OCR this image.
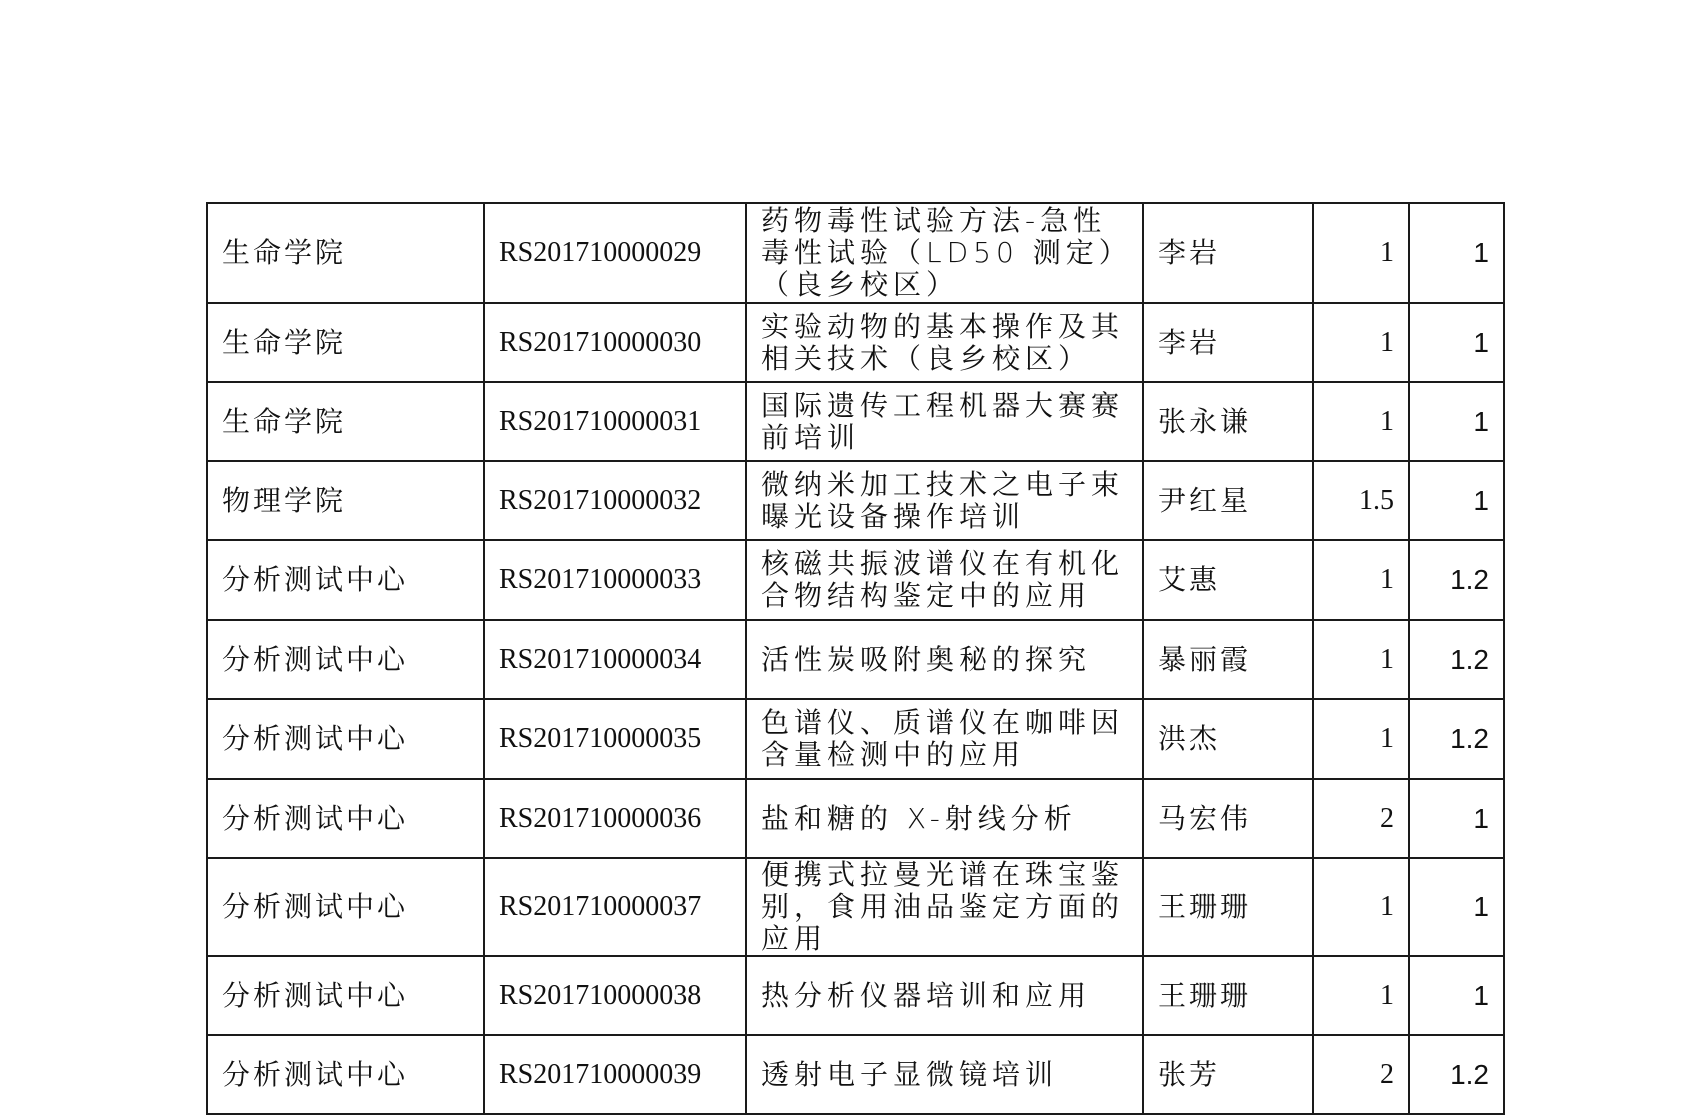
生命学院	RS201710000029	药物毒性试验方法-急性毒性试验（LD50 测定）（良乡校区）	李岩	1	1
生命学院	RS201710000030	实验动物的基本操作及其相关技术（良乡校区）	李岩	1	1
生命学院	RS201710000031	国际遗传工程机器大赛赛前培训	张永谦	1	1
物理学院	RS201710000032	微纳米加工技术之电子束曝光设备操作培训	尹红星	1.5	1
分析测试中心	RS201710000033	核磁共振波谱仪在有机化合物结构鉴定中的应用	艾惠	1	1.2
分析测试中心	RS201710000034	活性炭吸附奥秘的探究	暴丽霞	1	1.2
分析测试中心	RS201710000035	色谱仪、质谱仪在咖啡因含量检测中的应用	洪杰	1	1.2
分析测试中心	RS201710000036	盐和糖的 X-射线分析	马宏伟	2	1
分析测试中心	RS201710000037	便携式拉曼光谱在珠宝鉴别，食用油品鉴定方面的应用	王珊珊	1	1
分析测试中心	RS201710000038	热分析仪器培训和应用	王珊珊	1	1
分析测试中心	RS201710000039	透射电子显微镜培训	张芳	2	1.2
